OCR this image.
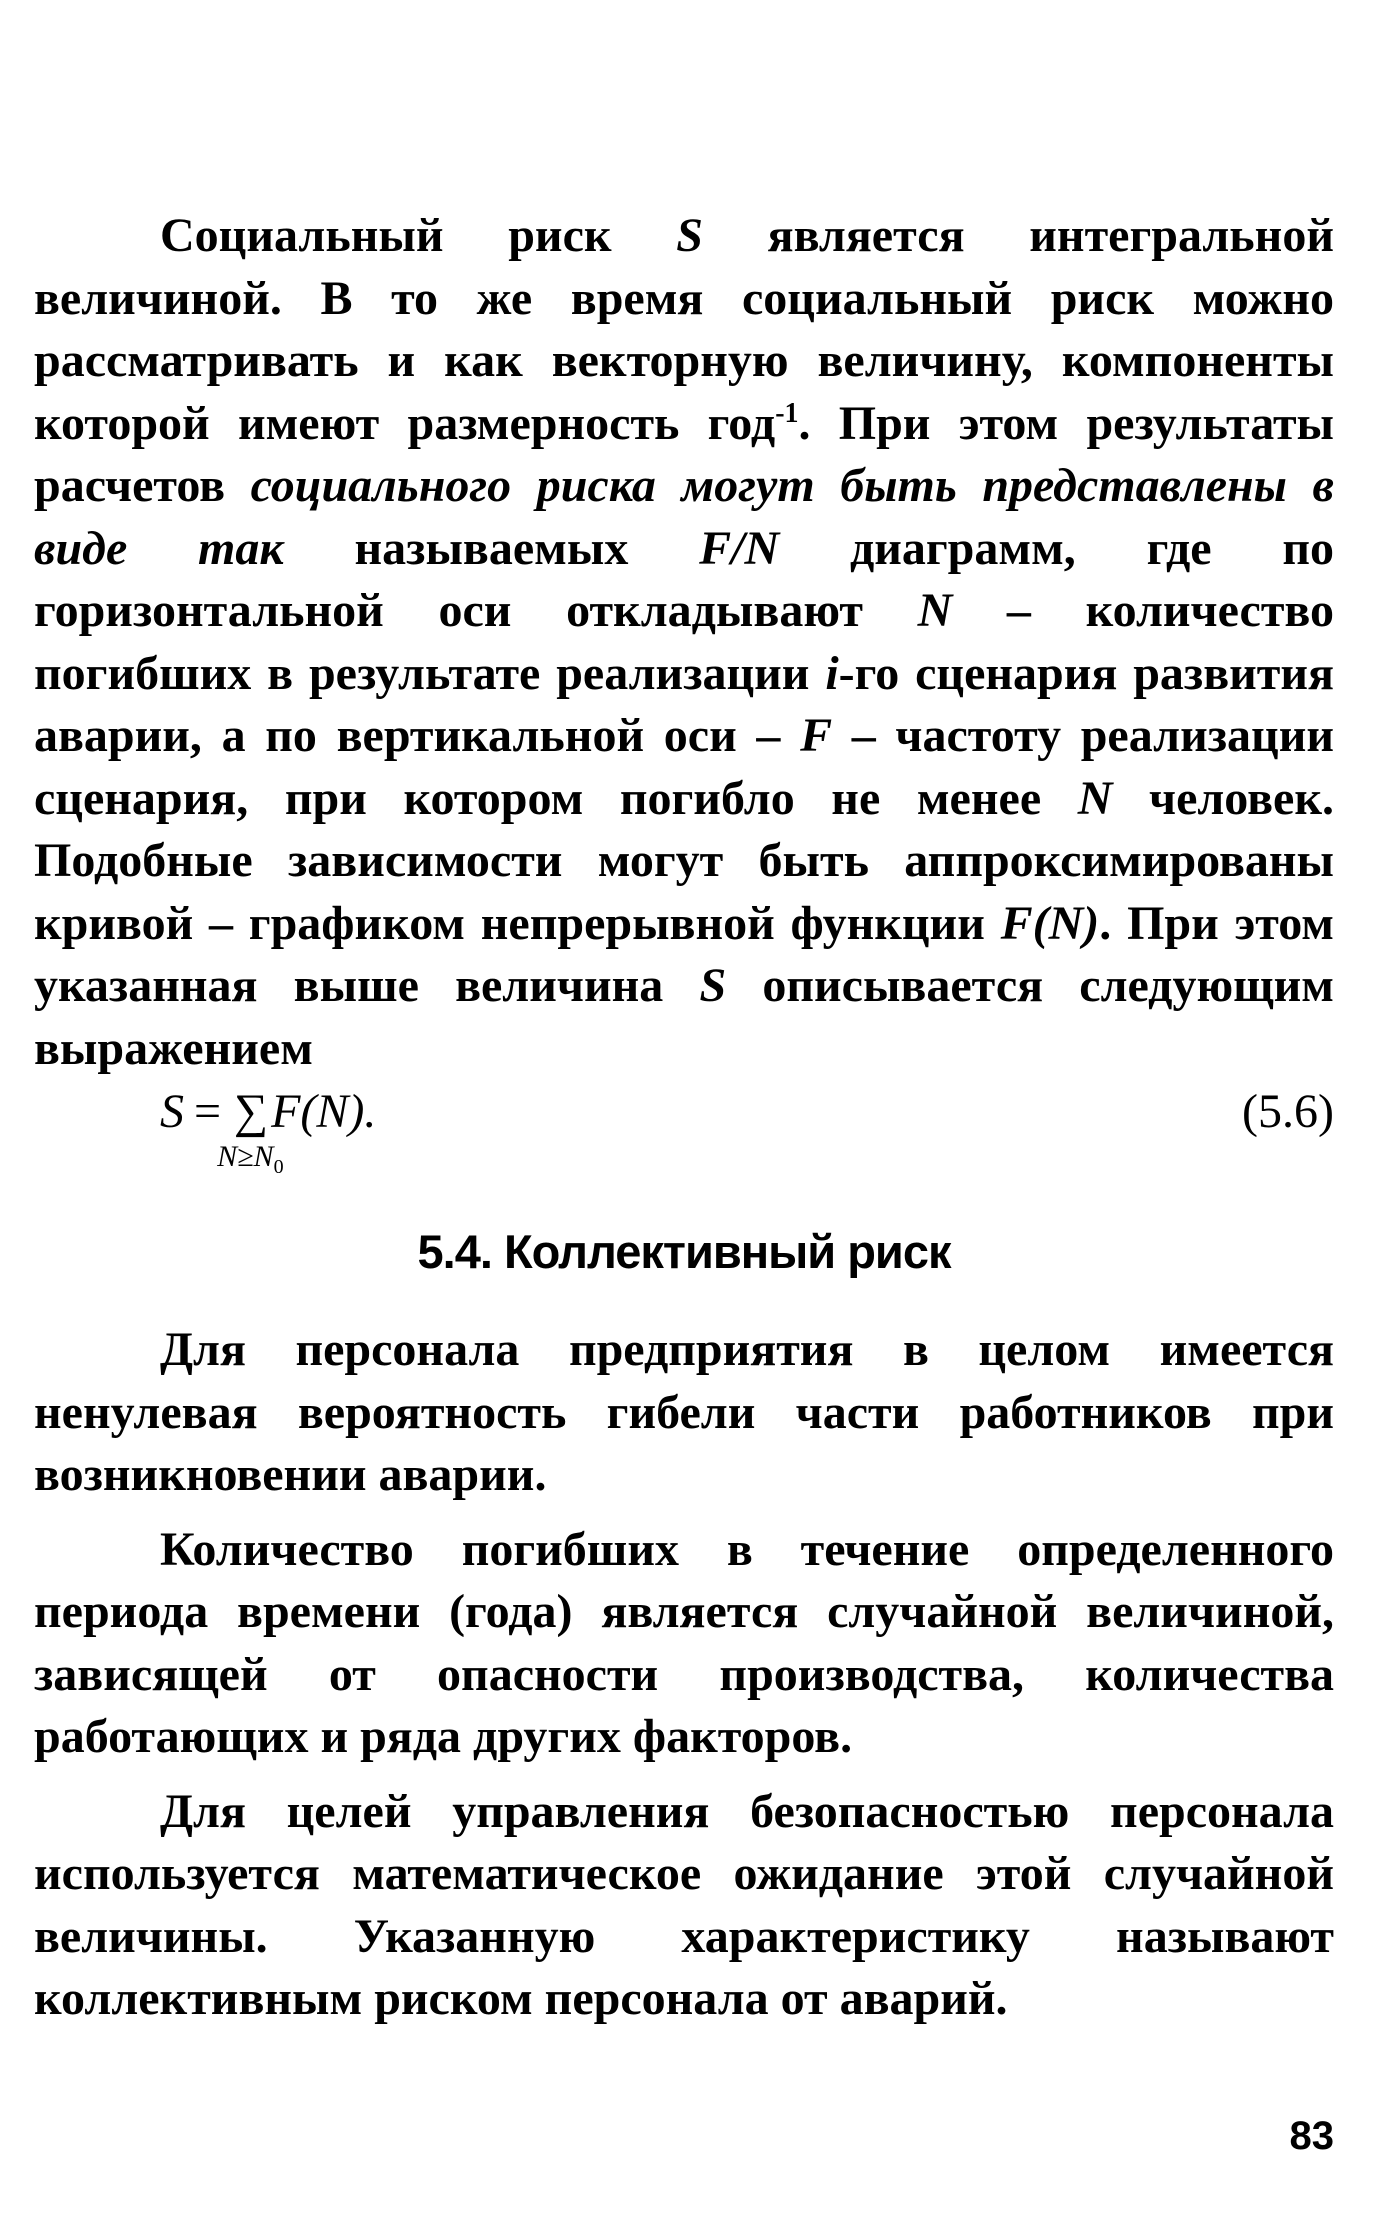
Социальный риск S является интегральной величиной. В то же время социальный риск можно рассматривать и как векторную величину, компоненты которой имеют размерность год$^{-1}$. При этом результаты расчетов социального риска могут быть представлены в виде так называемых F/N диаграмм, где по горизонтальной оси откладывают N – количество погибших в результате реализации i-го сценария развития аварии, а по вертикальной оси – F – частоту реализации сценария, при котором погибло не менее N человек. Подобные зависимости могут быть аппроксимированы кривой – графиком непрерывной функции F(N). При этом указанная выше величина S описывается следующим выражением

S = ∑
$N\ge N_0$
F(N).	(5.6)
5.4. Коллективный риск

Для персонала предприятия в целом имеется ненулевая вероятность гибели части работников при возникновении аварии.

Количество погибших в течение определенного периода времени (года) является случайной величиной, зависящей от опасности производства, количества работающих и ряда других факторов.

Для целей управления безопасностью персонала используется математическое ожидание этой случайной величины. Указанную характеристику называют коллективным риском персонала от аварий.

83
